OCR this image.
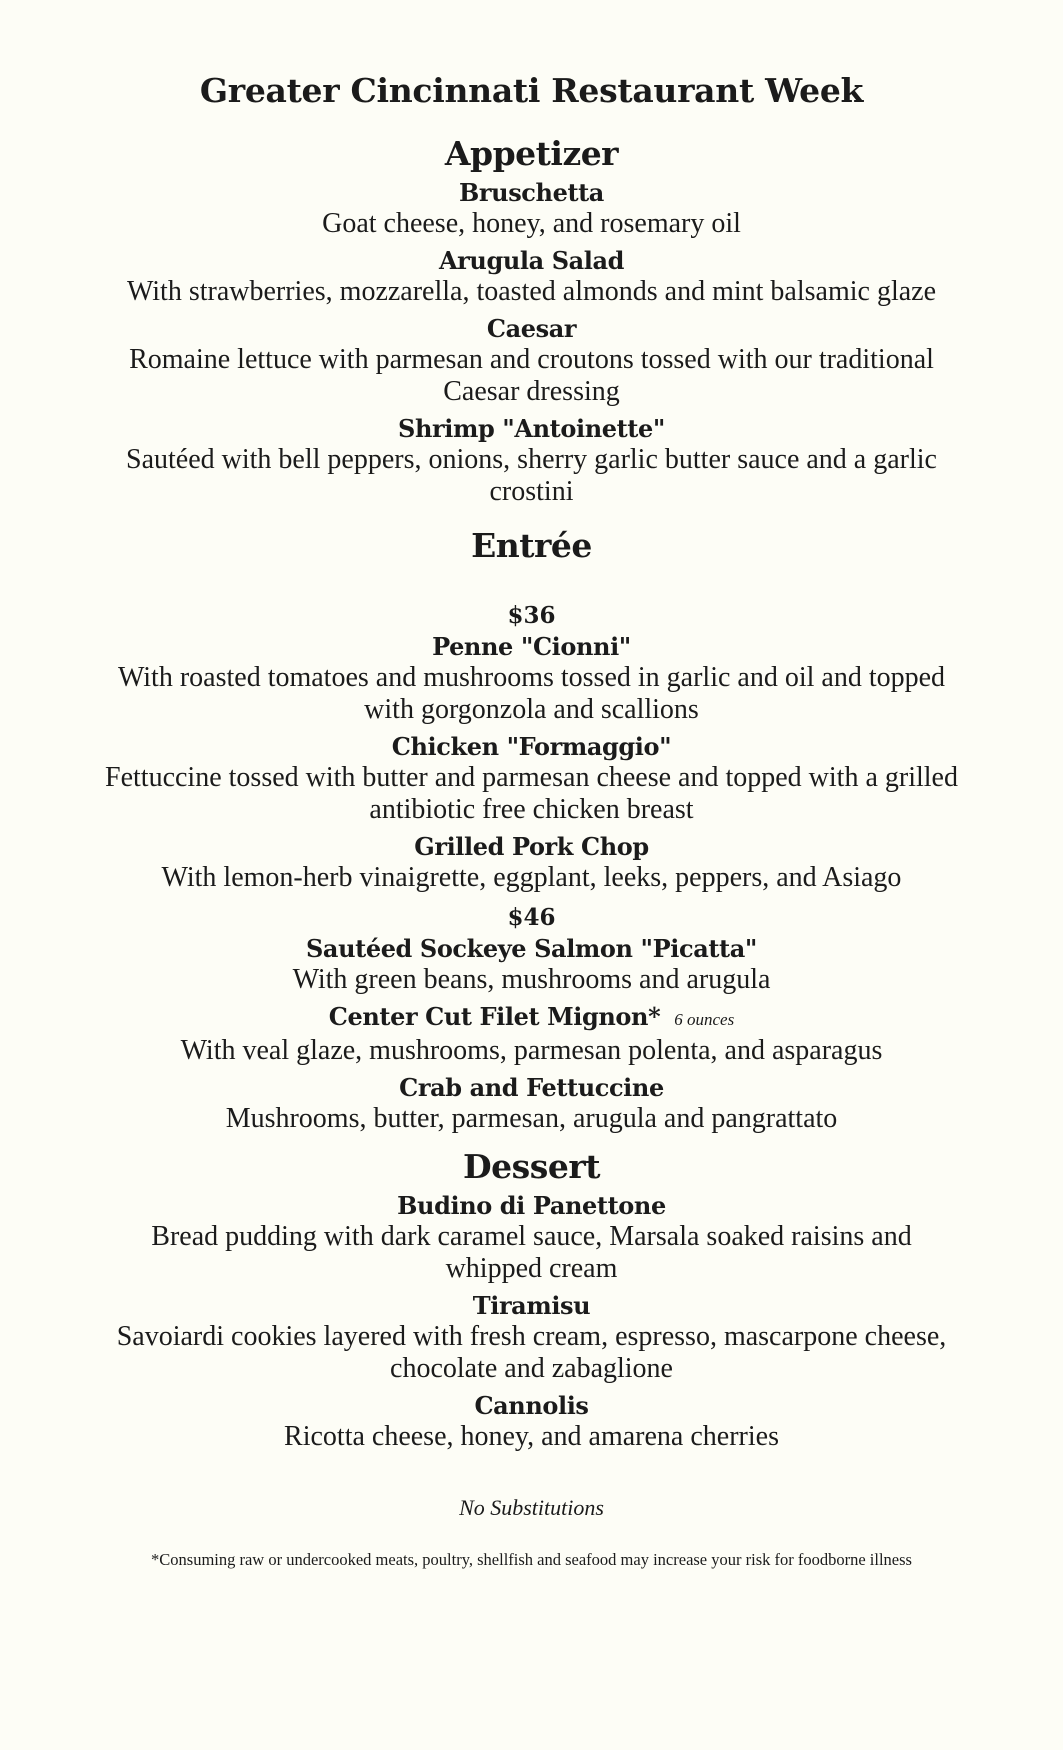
Greater Cincinnati Restaurant Week
Appetizer

Bruschetta

Goat cheese, honey, and rosemary oil

Arugula Salad

With strawberries, mozzarella, toasted almonds and mint balsamic glaze

Caesar

Romaine lettuce with parmesan and croutons tossed with our traditional
Caesar dressing

Shrimp "Antoinette"

Sautéed with bell peppers, onions, sherry garlic butter sauce and a garlic
crostini

Entrée

$36

Penne "Cionni"

With roasted tomatoes and mushrooms tossed in garlic and oil and topped
with gorgonzola and scallions

Chicken "Formaggio"

Fettuccine tossed with butter and parmesan cheese and topped with a grilled
antibiotic free chicken breast

Grilled Pork Chop

With lemon-herb vinaigrette, eggplant, leeks, peppers, and Asiago

$46

Sautéed Sockeye Salmon "Picatta"

With green beans, mushrooms and arugula

Center Cut Filet Mignon* 6 ounces

With veal glaze, mushrooms, parmesan polenta, and asparagus

Crab and Fettuccine

Mushrooms, butter, parmesan, arugula and pangrattato

Dessert

Budino di Panettone

Bread pudding with dark caramel sauce, Marsala soaked raisins and
whipped cream

Tiramisu

Savoiardi cookies layered with fresh cream, espresso, mascarpone cheese,
chocolate and zabaglione

Cannolis

Ricotta cheese, honey, and amarena cherries

No Substitutions

*Consuming raw or undercooked meats, poultry, shellfish and seafood may increase your risk for foodborne illness
